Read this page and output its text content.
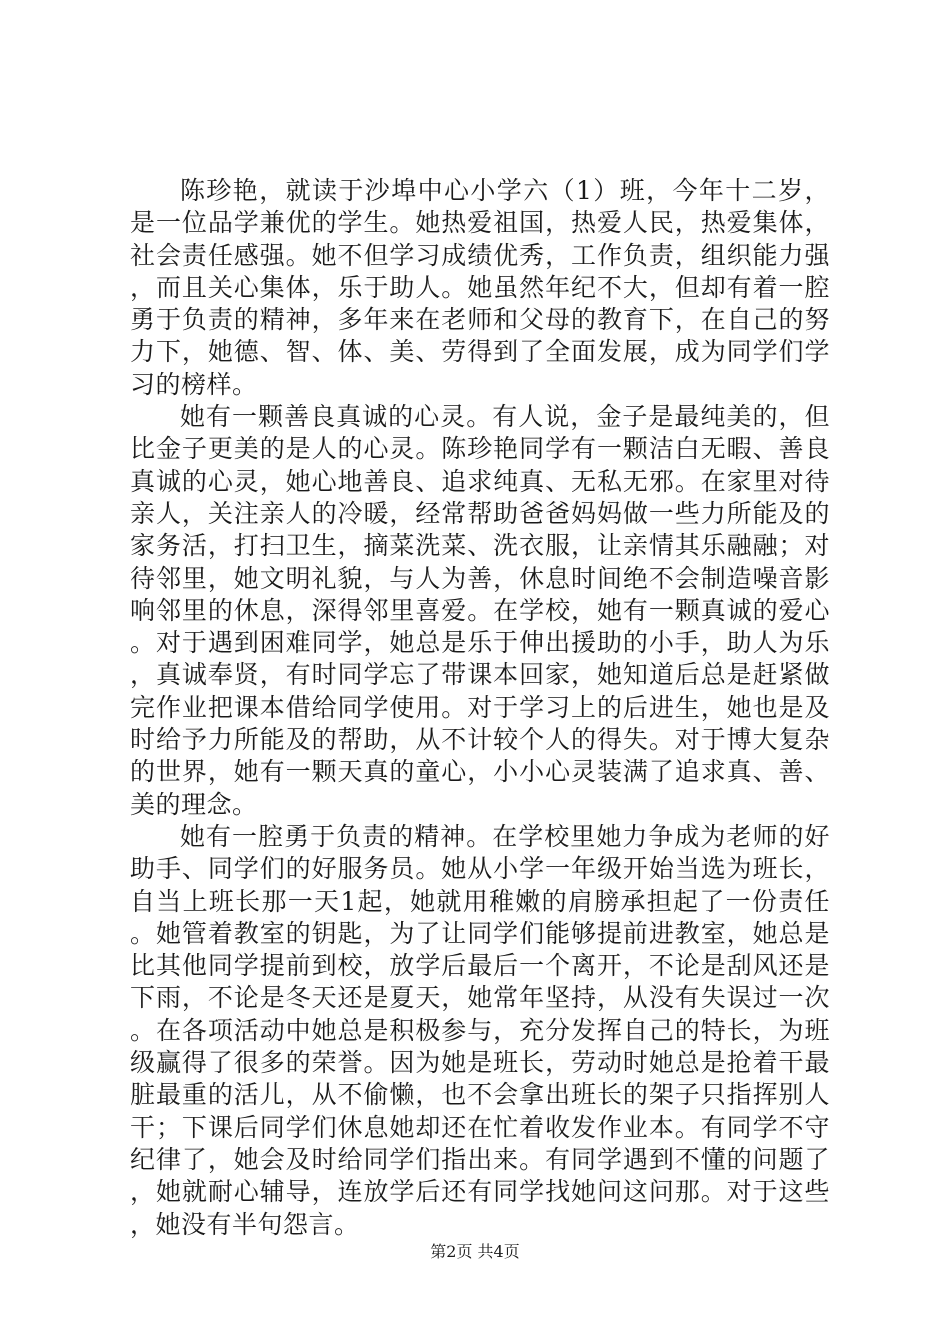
陈珍艳，就读于沙埠中心小学六（1）班，今年十二岁，是一位品学兼优的学生。她热爱祖国，热爱人民，热爱集体，社会责任感强。她不但学习成绩优秀，工作负责，组织能力强，而且关心集体，乐于助人。她虽然年纪不大，但却有着一腔勇于负责的精神，多年来在老师和父母的教育下，在自己的努力下，她德、智、体、美、劳得到了全面发展，成为同学们学习的榜样。

她有一颗善良真诚的心灵。有人说，金子是最纯美的，但比金子更美的是人的心灵。陈珍艳同学有一颗洁白无暇、善良真诚的心灵，她心地善良、追求纯真、无私无邪。在家里对待亲人，关注亲人的冷暖，经常帮助爸爸妈妈做一些力所能及的家务活，打扫卫生，摘菜洗菜、洗衣服，让亲情其乐融融；对待邻里，她文明礼貌，与人为善，休息时间绝不会制造噪音影响邻里的休息，深得邻里喜爱。在学校，她有一颗真诚的爱心。对于遇到困难同学，她总是乐于伸出援助的小手，助人为乐，真诚奉贤，有时同学忘了带课本回家，她知道后总是赶紧做完作业把课本借给同学使用。对于学习上的后进生，她也是及时给予力所能及的帮助，从不计较个人的得失。对于博大复杂的世界，她有一颗天真的童心，小小心灵装满了追求真、善、美的理念。

她有一腔勇于负责的精神。在学校里她力争成为老师的好助手、同学们的好服务员。她从小学一年级开始当选为班长，自当上班长那一天1起，她就用稚嫩的肩膀承担起了一份责任。她管着教室的钥匙，为了让同学们能够提前进教室，她总是比其他同学提前到校，放学后最后一个离开，不论是刮风还是下雨，不论是冬天还是夏天，她常年坚持，从没有失误过一次。在各项活动中她总是积极参与，充分发挥自己的特长，为班级赢得了很多的荣誉。因为她是班长，劳动时她总是抢着干最脏最重的活儿，从不偷懒，也不会拿出班长的架子只指挥别人干；下课后同学们休息她却还在忙着收发作业本。有同学不守纪律了，她会及时给同学们指出来。有同学遇到不懂的问题了，她就耐心辅导，连放学后还有同学找她问这问那。对于这些，她没有半句怨言。

第2页 共4页
